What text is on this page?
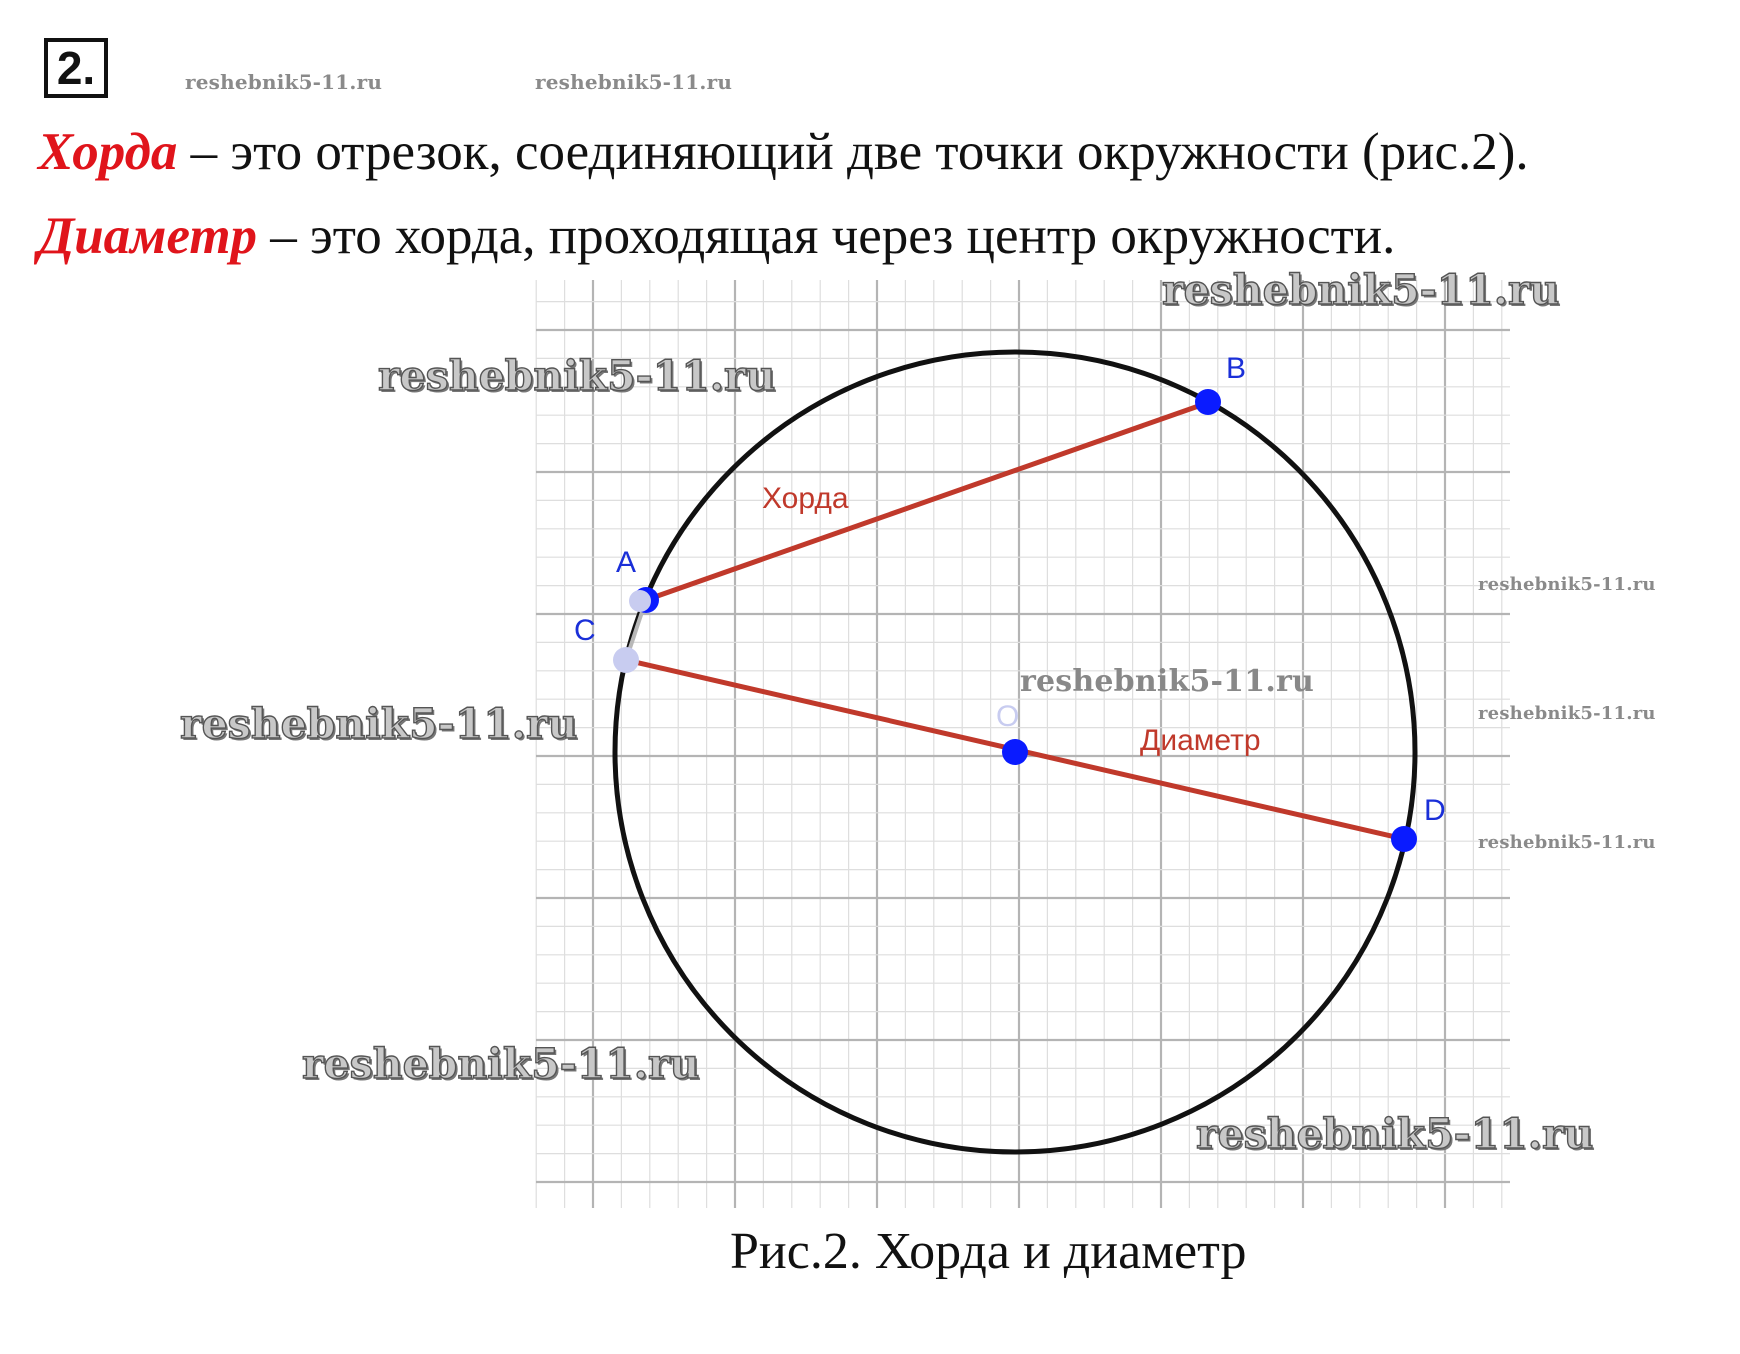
2.	reshebnik5-11.ru	reshebnik5-11.ru
Хорда – это отрезок, соединяющий две точки окружности (рис.2).
Диаметр – это хорда, проходящая через центр окружности.
A
B
C
O
D
Хорда
Диаметр
reshebnik5-11.ru
reshebnik5-11.ru
reshebnik5-11.ru
reshebnik5-11.ru
reshebnik5-11.ru
reshebnik5-11.ru
reshebnik5-11.ru
reshebnik5-11.ru
reshebnik5-11.ru
Рис.2. Хорда и диаметр
